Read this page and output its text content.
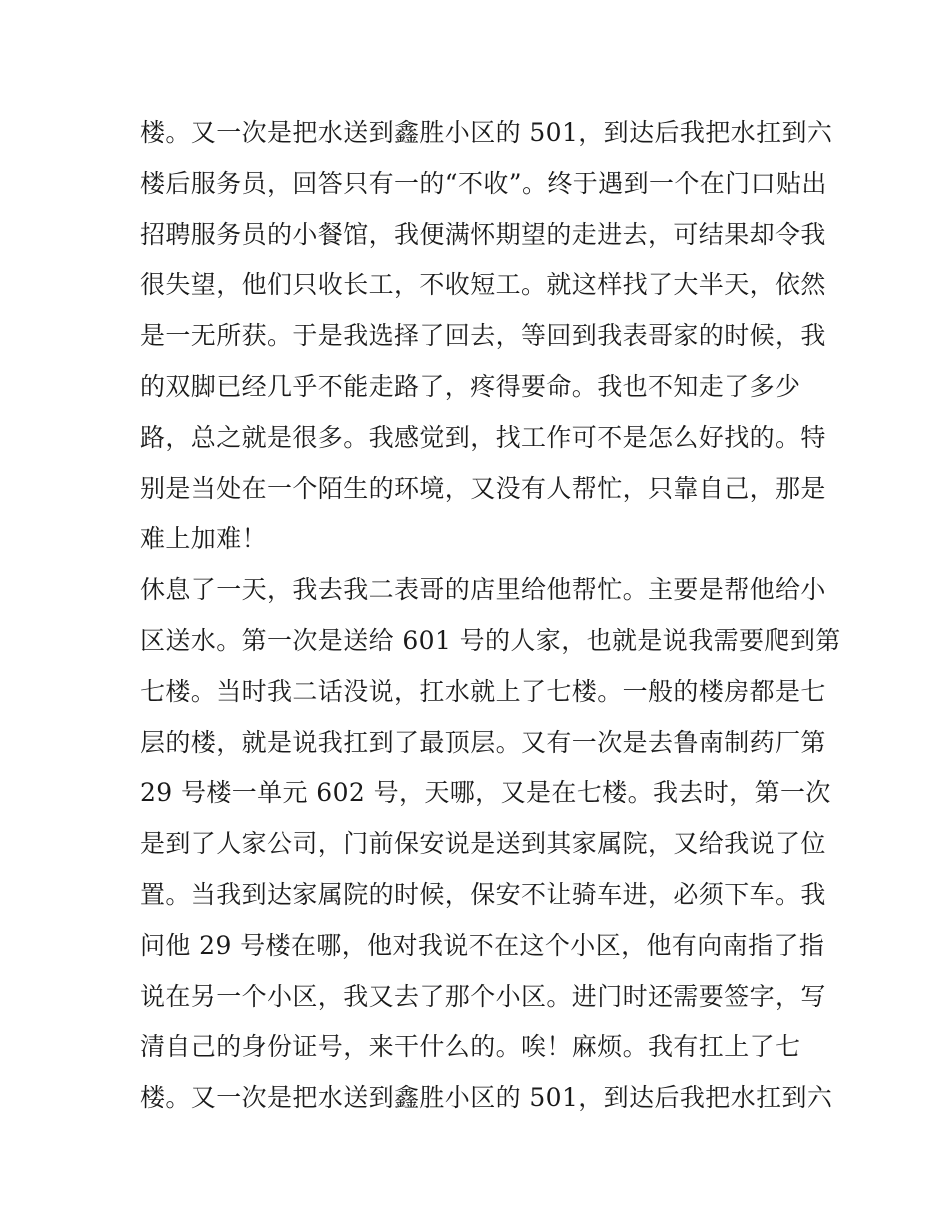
楼。又一次是把水送到鑫胜小区的 501，到达后我把水扛到六
楼后服务员，回答只有一的“不收”。终于遇到一个在门口贴出
招聘服务员的小餐馆，我便满怀期望的走进去，可结果却令我
很失望，他们只收长工，不收短工。就这样找了大半天，依然
是一无所获。于是我选择了回去，等回到我表哥家的时候，我
的双脚已经几乎不能走路了，疼得要命。我也不知走了多少
路，总之就是很多。我感觉到，找工作可不是怎么好找的。特
别是当处在一个陌生的环境，又没有人帮忙，只靠自己，那是
难上加难！
休息了一天，我去我二表哥的店里给他帮忙。主要是帮他给小
区送水。第一次是送给 601 号的人家，也就是说我需要爬到第
七楼。当时我二话没说，扛水就上了七楼。一般的楼房都是七
层的楼，就是说我扛到了最顶层。又有一次是去鲁南制药厂第
29 号楼一单元 602 号，天哪，又是在七楼。我去时，第一次
是到了人家公司，门前保安说是送到其家属院，又给我说了位
置。当我到达家属院的时候，保安不让骑车进，必须下车。我
问他 29 号楼在哪，他对我说不在这个小区，他有向南指了指
说在另一个小区，我又去了那个小区。进门时还需要签字，写
清自己的身份证号，来干什么的。唉！麻烦。我有扛上了七
楼。又一次是把水送到鑫胜小区的 501，到达后我把水扛到六
